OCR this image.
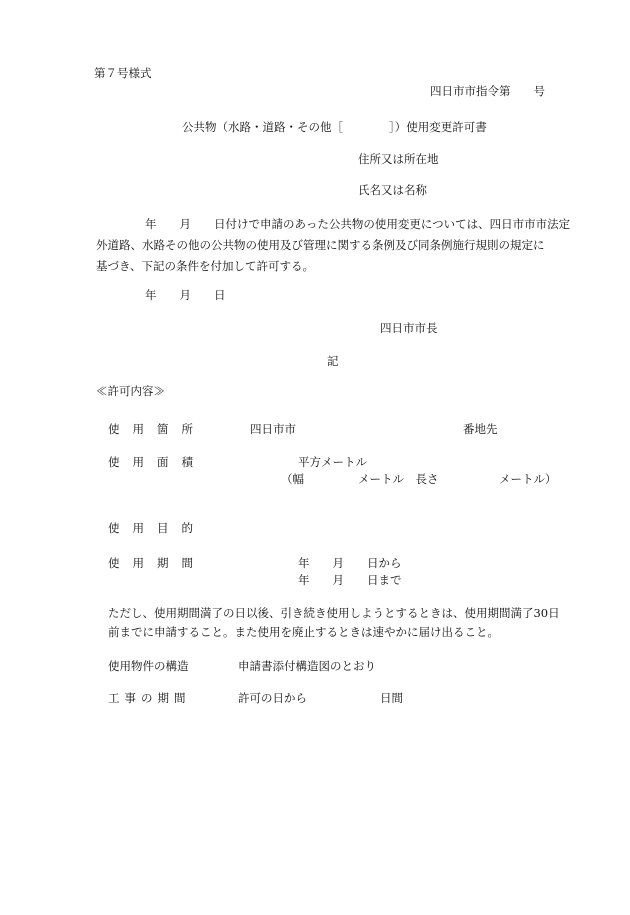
第７号様式
四日市市指令第　　号
公共物（水路・道路・その他［　　　　］）使用変更許可書
住所又は所在地
氏名又は名称
年　　月　　日付けで申請のあった公共物の使用変更については、四日市市市法定
外道路、水路その他の公共物の使用及び管理に関する条例及び同条例施行規則の規定に
基づき、下記の条件を付加して許可する。
年　　月　　日
四日市市長
記
≪許可内容≫
使用箇所	四日市市	番地先
使用面積	平方メートル
（幅	メートル　長さ	メートル）
使用目的
使用期間	年　　月　　日から
年　　月　　日まで
ただし、使用期間満了の日以後、引き続き使用しようとするときは、使用期間満了30日
前までに申請すること。また使用を廃止するときは速やかに届け出ること。
使用物件の構造	申請書添付構造図のとおり
工事の期間	許可の日から	日間
